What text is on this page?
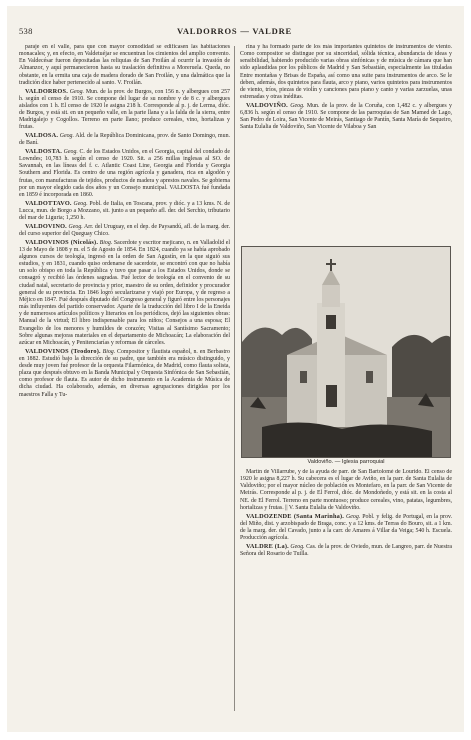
538	VALDORROS — VALDRE

paraje en el valle, para que con mayor comodidad se edificasen las habitaciones monacales; y, en efecto, en Valdetuéjar se encuentran los cimientos del amplio convento. En Valdecésar fueron depositadas las reliquias de San Froilán al ocurrir la invasión de Almanzor, y aquí permanecieron hasta su traslación definitiva a Moreruela. Queda, no obstante, en la ermita una caja de madera dorado de San Froilán, y una dalmática que la tradición dice haber pertenecido al santo. V. Froilán.

VALDORROS. Geog. Mun. de la prov. de Burgos, con 156 n. y albergues con 257 h. según el censo de 1910. Se compone del lugar de su nombre y de 8 c. y albergues aislados con 1 h. El censo de 1920 le asigna 218 h. Corresponde al p. j. de Lerma, dióc. de Burgos, y está sit. en un pequeño valle, en la parte llana y a la falda de la sierra, entre Madrigalejo y Cogollos. Terreno en parte llano; produce cereales, vino, hortalizas y frutas.

VALDOSA. Geog. Ald. de la República Dominicana, prov. de Santo Domingo, mun. de Baní.

VALDOSTA. Geog. C. de los Estados Unidos, en el Georgia, capital del condado de Lowndes; 10,783 h. según el censo de 1920. Sit. a 256 millas inglesas al SO. de Savannah, en las líneas del f. c. Atlantic Coast Line, Georgia and Florida y Georgia Southern and Florida. Es centro de una región agrícola y ganadera, rica en algodón y frutas, con manufacturas de tejidos, productos de madera y aprestos navales. Se gobierna por un mayor elegido cada dos años y un Consejo municipal. VALDOSTA fué fundada en 1859 é incorporada en 1860.

VALDOTTAVO. Geog. Pobl. de Italia, en Toscana, prov. y dióc. y a 13 kms. N. de Lucca, mun. de Borgo a Mozzano, sit. junto a un pequeño afl. der. del Serchio, tributario del mar de Liguria; 1,250 h.

VALDOVINO. Geog. Arr. del Uruguay, en el dep. de Paysandú, afl. de la marg. der. del curso superior del Queguay Chico.

VALDOVINOS (Nicolás). Biog. Sacerdote y escritor mejicano, n. en Valladolid el 13 de Mayo de 1808 y m. el 5 de Agosto de 1854. En 1824, cuando ya se había aprobado algunos cursos de teología, ingresó en la orden de San Agustín, en la que siguió sus estudios, y en 1831, cuando quiso ordenarse de sacerdote, se encontró con que no había un solo obispo en toda la República y tuvo que pasar a los Estados Unidos, donde se consagró y recibió las órdenes sagradas. Fué lector de teología en el convento de su ciudad natal, secretario de provincia y prior, maestro de su orden, definidor y procurador general de su provincia. En 1846 logró secularizarse y viajó por Europa, y de regreso a Méjico en 1847. Fué después diputado del Congreso general y figuró entre los personajes más influyentes del partido conservador. Aparte de la traducción del libro I de la Eneida y de numerosos artículos políticos y literarios en los periódicos, dejó las siguientes obras: Manual de la virtud; El libro indispensable para los niños; Consejos a una esposa; El Evangelio de los menores y humildes de corazón; Visitas al Santísimo Sacramento; Sobre algunas mejoras materiales en el departamento de Michoacán; La elaboración del azúcar en Michoacán, y Penitenciarías y reformas de cárceles.

VALDOVINOS (Teodoro). Biog. Compositor y flautista español, n. en Berbastro en 1882. Estudió bajo la dirección de su padre, que también era músico distinguido, y desde muy joven fué profesor de la orquesta Filarmónica, de Madrid, como flauta solista, plaza que después obtuvo en la Banda Municipal y Orquesta Sinfónica de San Sebastián, como profesor de flauta. Es autor de dicho instrumento en la Academia de Música de dicha ciudad. Ha colaborado, además, en diversas agrupaciones dirigidas por los maestros Falla y Tu-

rina y ha formado parte de los más importantes quintetos de instrumentos de viento. Como compositor se distingue por su sinceridad, sólida técnica, abundancia de ideas y sensibilidad, habiendo producido varias obras sinfónicas y de música de cámara que han sido aplaudidas por los públicos de Madrid y San Sebastián, especialmente las tituladas Entre montañas y Brisas de España, así como una suite para instrumentos de arco. Se le deben, además, dos quintetos para flauta, arco y piano, varios quintetos para instrumentos de viento, tríos, piezas de violín y canciones para piano y canto y varias zarzuelas, unas estrenadas y otras inéditas.

VALDOVIÑO. Geog. Mun. de la prov. de la Coruña, con 1,482 c. y albergues y 6,836 h. según el censo de 1910. Se compone de las parroquias de San Mamed de Lago, San Pedro de Loira, San Vicente de Meirás, Santiago de Pantín, Santa María de Sequeiro, Santa Eulalia de Valdoviño, San Vicente de Vilaboa y San

Valdoviño. — Iglesia parroquial

Martín de Villarrube, y de la ayuda de parr. de San Bartolomé de Lourido. El censo de 1920 le asigna 8,227 h. Su cabecera es el lugar de Aviño, en la parr. de Santa Eulalia de Valdoviño; por el mayor núcleo de población es Montefaro, en la parr. de San Vicente de Meirás. Corresponde al p. j. de El Ferrol, dióc. de Mondoñedo, y está sit. en la costa al NE. de El Ferrol. Terreno en parte montuoso; produce cereales, vino, patatas, legumbres, hortalizas y frutas. || V. Santa Eulalia de Valdoviño.

VALDOZENDE (Santa Marinha). Geog. Pobl. y felig. de Portugal, en la prov. del Miño, dist. y arzobispado de Braga, conc. y a 12 kms. de Terras do Bouro, sit. a 1 km. de la marg. der. del Cavado, junto a la carr. de Amares á Villar da Veiga; 540 h. Escuela. Producción agrícola.

VALDRE (La). Geog. Cas. de la prov. de Oviedo, mun. de Langreo, parr. de Nuestra Señora del Rosario de Tuilla.
